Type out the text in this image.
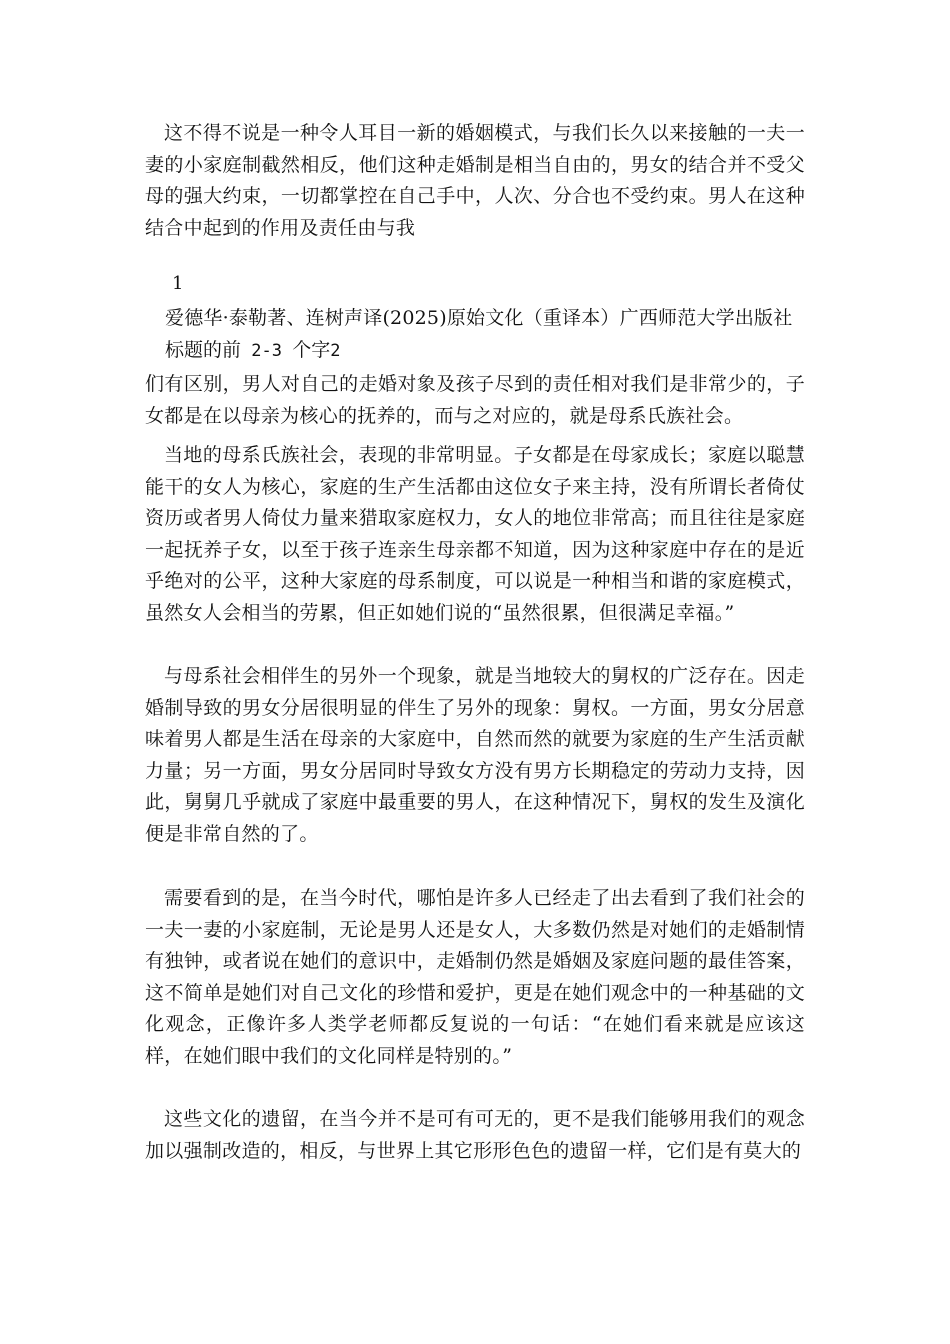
这不得不说是一种令人耳目一新的婚姻模式，与我们长久以来接触的一夫一妻的小家庭制截然相反，他们这种走婚制是相当自由的，男女的结合并不受父母的强大约束，一切都掌控在自己手中，人次、分合也不受约束。男人在这种结合中起到的作用及责任由与我

1

爱德华·泰勒著、连树声译(2025)原始文化（重译本）广西师范大学出版社

标题的前 2-3 个字2

们有区别，男人对自己的走婚对象及孩子尽到的责任相对我们是非常少的，子女都是在以母亲为核心的抚养的，而与之对应的，就是母系氏族社会。

当地的母系氏族社会，表现的非常明显。子女都是在母家成长；家庭以聪慧能干的女人为核心，家庭的生产生活都由这位女子来主持，没有所谓长者倚仗资历或者男人倚仗力量来猎取家庭权力，女人的地位非常高；而且往往是家庭一起抚养子女，以至于孩子连亲生母亲都不知道，因为这种家庭中存在的是近乎绝对的公平，这种大家庭的母系制度，可以说是一种相当和谐的家庭模式，虽然女人会相当的劳累，但正如她们说的“虽然很累，但很满足幸福。”

与母系社会相伴生的另外一个现象，就是当地较大的舅权的广泛存在。因走婚制导致的男女分居很明显的伴生了另外的现象：舅权。一方面，男女分居意味着男人都是生活在母亲的大家庭中，自然而然的就要为家庭的生产生活贡献力量；另一方面，男女分居同时导致女方没有男方长期稳定的劳动力支持，因此，舅舅几乎就成了家庭中最重要的男人，在这种情况下，舅权的发生及演化便是非常自然的了。

需要看到的是，在当今时代，哪怕是许多人已经走了出去看到了我们社会的一夫一妻的小家庭制，无论是男人还是女人，大多数仍然是对她们的走婚制情有独钟，或者说在她们的意识中，走婚制仍然是婚姻及家庭问题的最佳答案，这不简单是她们对自己文化的珍惜和爱护，更是在她们观念中的一种基础的文化观念，正像许多人类学老师都反复说的一句话：“在她们看来就是应该这样，在她们眼中我们的文化同样是特别的。”

这些文化的遗留，在当今并不是可有可无的，更不是我们能够用我们的观念加以强制改造的，相反，与世界上其它形形色色的遗留一样，它们是有莫大的
